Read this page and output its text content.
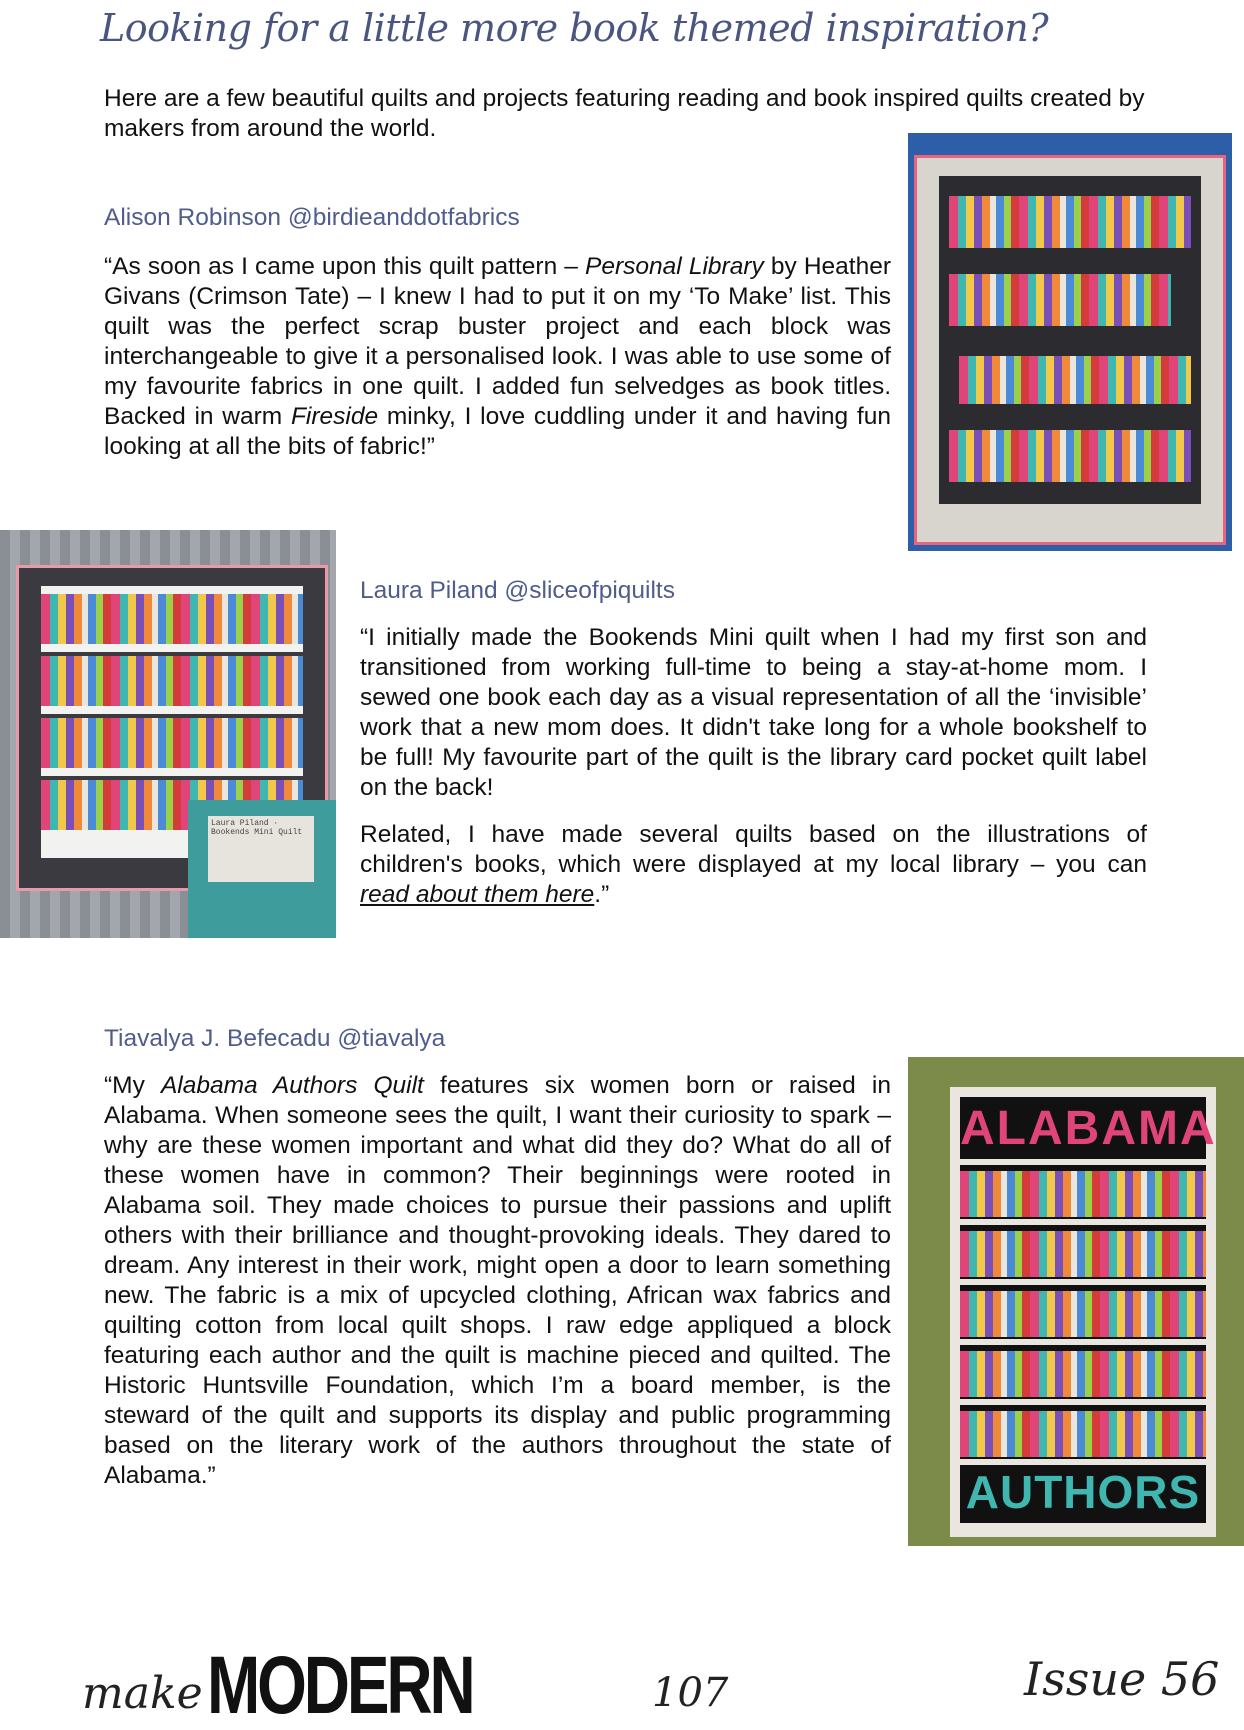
Looking for a little more book themed inspiration?
Here are a few beautiful quilts and projects featuring reading and book inspired quilts created by makers from around the world.
Alison Robinson @birdieanddotfabrics
“As soon as I came upon this quilt pattern – Personal Library by Heather Givans (Crimson Tate) – I knew I had to put it on my ‘To Make’ list. This quilt was the perfect scrap buster project and each block was interchangeable to give it a personalised look. I was able to use some of my favourite fabrics in one quilt. I added fun selvedges as book titles. Backed in warm Fireside minky, I love cuddling under it and having fun looking at all the bits of fabric!”
Laura Piland · Bookends Mini Quilt
Laura Piland @sliceofpiquilts
“I initially made the Bookends Mini quilt when I had my first son and transitioned from working full-time to being a stay-at-home mom. I sewed one book each day as a visual representation of all the ‘invisible’ work that a new mom does. It didn't take long for a whole bookshelf to be full! My favourite part of the quilt is the library card pocket quilt label on the back!
Related, I have made several quilts based on the illustrations of children's books, which were displayed at my local library – you can read about them here.”
Tiavalya J. Befecadu @tiavalya
“My Alabama Authors Quilt features six women born or raised in Alabama. When someone sees the quilt, I want their curiosity to spark – why are these women important and what did they do? What do all of these women have in common? Their beginnings were rooted in Alabama soil. They made choices to pursue their passions and uplift others with their brilliance and thought-provoking ideals. They dared to dream. Any interest in their work, might open a door to learn something new. The fabric is a mix of upcycled clothing, African wax fabrics and quilting cotton from local quilt shops. I raw edge appliqued a block featuring each author and the quilt is machine pieced and quilted. The Historic Huntsville Foundation, which I’m a board member, is the steward of the quilt and supports its display and public programming based on the literary work of the authors throughout the state of Alabama.”
ALABAMA
AUTHORS
make MODERN	107	Issue 56
